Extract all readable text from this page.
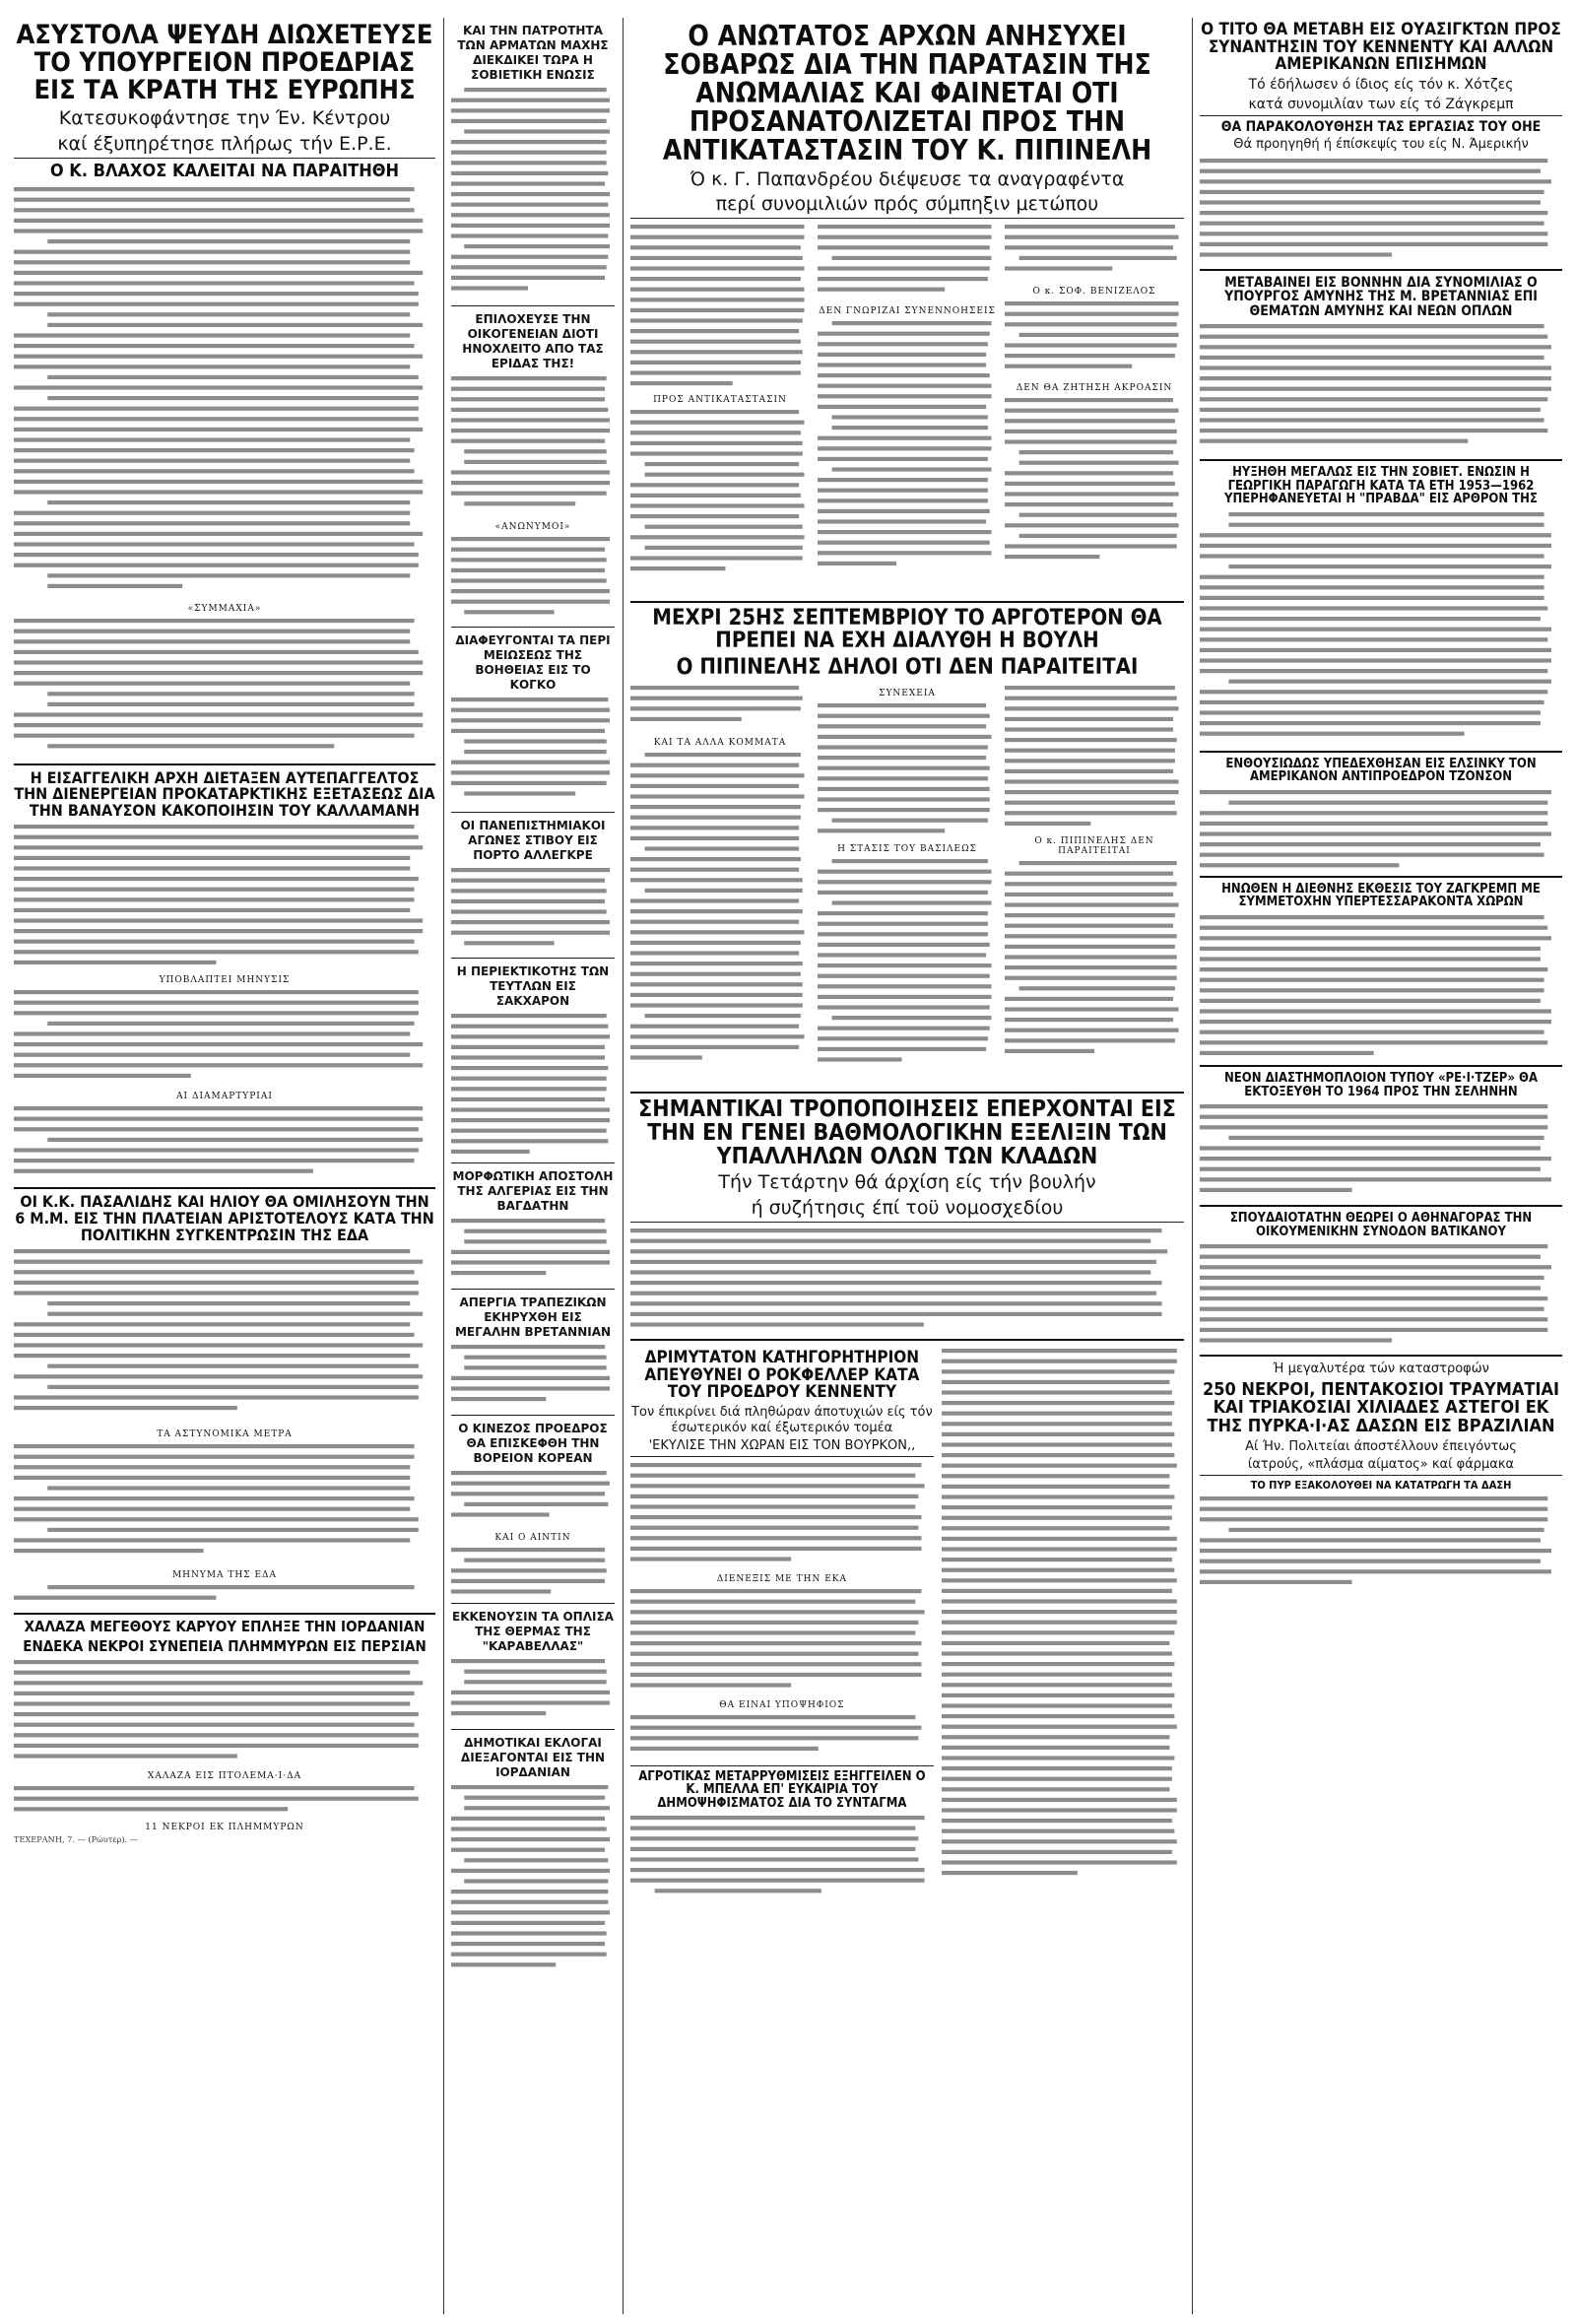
ΑΣΥΣΤΟΛΑ ΨΕΥΔΗ ΔΙΩΧΕΤΕΥΣΕ ΤΟ ΥΠΟΥΡΓΕΙΟΝ ΠΡΟΕΔΡΙΑΣ ΕΙΣ ΤΑ ΚΡΑΤΗ ΤΗΣ ΕΥΡΩΠΗΣ
Κατεσυκοφάντησε την Έν. Κέντρου
καί έξυπηρέτησε πλήρως τήν Ε.Ρ.Ε.
Ο Κ. ΒΛΑΧΟΣ ΚΑΛΕΙΤΑΙ ΝΑ ΠΑΡΑΙΤΗΘΗ
«ΣΥΜΜΑΧΙΑ»
Η ΕΙΣΑΓΓΕΛΙΚΗ ΑΡΧΗ ΔΙΕΤΑΞΕΝ ΑΥΤΕΠΑΓΓΕΛΤΟΣ ΤΗΝ ΔΙΕΝΕΡΓΕΙΑΝ ΠΡΟΚΑΤΑΡΚΤΙΚΗΣ ΕΞΕΤΑΣΕΩΣ ΔΙΑ ΤΗΝ ΒΑΝΑΥΣΟΝ ΚΑΚΟΠΟΙΗΣΙΝ ΤΟΥ ΚΑΛΛΑΜΑΝΗ
ΥΠΟΒΛΑΠΤΕΙ ΜΗΝΥΣΙΣ
ΑΙ ΔΙΑΜΑΡΤΥΡΙΑΙ
ΟΙ Κ.Κ. ΠΑΣΑΛΙΔΗΣ ΚΑΙ ΗΛΙΟΥ ΘΑ ΟΜΙΛΗΣΟΥΝ ΤΗΝ 6 Μ.Μ. ΕΙΣ ΤΗΝ ΠΛΑΤΕΙΑΝ ΑΡΙΣΤΟΤΕΛΟΥΣ ΚΑΤΑ ΤΗΝ ΠΟΛΙΤΙΚΗΝ ΣΥΓΚΕΝΤΡΩΣΙΝ ΤΗΣ ΕΔΑ
ΤΑ ΑΣΤΥΝΟΜΙΚΑ ΜΕΤΡΑ
ΜΗΝΥΜΑ ΤΗΣ ΕΔΑ
ΧΑΛΑΖΑ ΜΕΓΕΘΟΥΣ ΚΑΡΥΟΥ ΕΠΛΗΞΕ ΤΗΝ ΙΟΡΔΑΝΙΑΝ
ΕΝΔΕΚΑ ΝΕΚΡΟΙ ΣΥΝΕΠΕΙΑ ΠΛΗΜΜΥΡΩΝ ΕΙΣ ΠΕΡΣΙΑΝ
ΧΑΛΑΖΑ ΕΙΣ ΠΤΟΛΕΜΑ·Ι·ΔΑ
11 ΝΕΚΡΟΙ ΕΚ ΠΛΗΜΜΥΡΩΝ
ΤΕΧΕΡΑΝΗ, 7. — (Ρώυτερ). —
ΚΑΙ ΤΗΝ ΠΑΤΡΟΤΗΤΑ ΤΩΝ ΑΡΜΑΤΩΝ ΜΑΧΗΣ ΔΙΕΚΔΙΚΕΙ ΤΩΡΑ Η ΣΟΒΙΕΤΙΚΗ ΕΝΩΣΙΣ
ΕΠΙΛΟΧΕΥΣΕ ΤΗΝ ΟΙΚΟΓΕΝΕΙΑΝ ΔΙΟΤΙ ΗΝΟΧΛΕΙΤΟ ΑΠΟ ΤΑΣ ΕΡΙΔΑΣ ΤΗΣ!
«ΑΝΩΝΥΜΟΙ»
ΔΙΑΦΕΥΓΟΝΤΑΙ ΤΑ ΠΕΡΙ ΜΕΙΩΣΕΩΣ ΤΗΣ ΒΟΗΘΕΙΑΣ ΕΙΣ ΤΟ ΚΟΓΚΟ
ΟΙ ΠΑΝΕΠΙΣΤΗΜΙΑΚΟΙ ΑΓΩΝΕΣ ΣΤΙΒΟΥ ΕΙΣ ΠΟΡΤΟ ΑΛΛΕΓΚΡΕ
Η ΠΕΡΙΕΚΤΙΚΟΤΗΣ ΤΩΝ ΤΕΥΤΛΩΝ ΕΙΣ ΣΑΚΧΑΡΟΝ
ΜΟΡΦΩΤΙΚΗ ΑΠΟΣΤΟΛΗ ΤΗΣ ΑΛΓΕΡΙΑΣ ΕΙΣ ΤΗΝ ΒΑΓΔΑΤΗΝ
ΑΠΕΡΓΙΑ ΤΡΑΠΕΖΙΚΩΝ ΕΚΗΡΥΧΘΗ ΕΙΣ ΜΕΓΑΛΗΝ ΒΡΕΤΑΝΝΙΑΝ
Ο ΚΙΝΕΖΟΣ ΠΡΟΕΔΡΟΣ ΘΑ ΕΠΙΣΚΕΦΘΗ ΤΗΝ ΒΟΡΕΙΟΝ ΚΟΡΕΑΝ
ΚΑΙ Ο ΑΙΝΤΙΝ
ΕΚΚΕΝΟΥΣΙΝ ΤΑ ΟΠΛΙΣΑ ΤΗΣ ΘΕΡΜΑΣ ΤΗΣ "ΚΑΡΑΒΕΛΛΑΣ"
ΔΗΜΟΤΙΚΑΙ ΕΚΛΟΓΑΙ ΔΙΕΞΑΓΟΝΤΑΙ ΕΙΣ ΤΗΝ ΙΟΡΔΑΝΙΑΝ
Ο ΑΝΩΤΑΤΟΣ ΑΡΧΩΝ ΑΝΗΣΥΧΕΙ ΣΟΒΑΡΩΣ ΔΙΑ ΤΗΝ ΠΑΡΑΤΑΣΙΝ ΤΗΣ ΑΝΩΜΑΛΙΑΣ ΚΑΙ ΦΑΙΝΕΤΑΙ ΟΤΙ ΠΡΟΣΑΝΑΤΟΛΙΖΕΤΑΙ ΠΡΟΣ ΤΗΝ ΑΝΤΙΚΑΤΑΣΤΑΣΙΝ ΤΟΥ Κ. ΠΙΠΙΝΕΛΗ
Ό κ. Γ. Παπανδρέου διέψευσε τα αναγραφέντα
περί συνομιλιών πρός σύμπηξιν μετώπου
ΠΡΟΣ ΑΝΤΙΚΑΤΑΣΤΑΣΙΝ
ΔΕΝ ΓΝΩΡΙΖΑΙ ΣΥΝΕΝΝΟΗΣΕΙΣ
Ο κ. ΣΟΦ. ΒΕΝΙΖΕΛΟΣ
ΔΕΝ ΘΑ ΖΗΤΗΣΗ ΑΚΡΟΑΣΙΝ
ΜΕΧΡΙ 25ΗΣ ΣΕΠΤΕΜΒΡΙΟΥ ΤΟ ΑΡΓΟΤΕΡΟΝ ΘΑ ΠΡΕΠΕΙ ΝΑ ΕΧΗ ΔΙΑΛΥΘΗ Η ΒΟΥΛΗ
Ο ΠΙΠΙΝΕΛΗΣ ΔΗΛΟΙ ΟΤΙ ΔΕΝ ΠΑΡΑΙΤΕΙΤΑΙ
ΚΑΙ ΤΑ ΑΛΛΑ ΚΟΜΜΑΤΑ
ΣΥΝΕΧΕΙΑ
Η ΣΤΑΣΙΣ ΤΟΥ ΒΑΣΙΛΕΩΣ
Ο κ. ΠΙΠΙΝΕΛΗΣ ΔΕΝ ΠΑΡΑΙΤΕΙΤΑΙ
ΣΗΜΑΝΤΙΚΑΙ ΤΡΟΠΟΠΟΙΗΣΕΙΣ ΕΠΕΡΧΟΝΤΑΙ ΕΙΣ ΤΗΝ ΕΝ ΓΕΝΕΙ ΒΑΘΜΟΛΟΓΙΚΗΝ ΕΞΕΛΙΞΙΝ ΤΩΝ ΥΠΑΛΛΗΛΩΝ ΟΛΩΝ ΤΩΝ ΚΛΑΔΩΝ
Τήν Τετάρτην θά άρχίση είς τήν βουλήν
ή συζήτησις έπί τοϋ νομοσχεδίου
ΔΡΙΜΥΤΑΤΟΝ ΚΑΤΗΓΟΡΗΤΗΡΙΟΝ ΑΠΕΥΘΥΝΕΙ Ο ΡΟΚΦΕΛΛΕΡ ΚΑΤΑ ΤΟΥ ΠΡΟΕΔΡΟΥ ΚΕΝΝΕΝΤΥ
Τον έπικρίνει διά πληθώραν άποτυχιών είς τόν έσωτερικόν καί έξωτερικόν τομέα
'ΕΚΥΛΙΣΕ ΤΗΝ ΧΩΡΑΝ ΕΙΣ ΤΟΝ ΒΟΥΡΚΟΝ,,
ΔΙΕΝΕΞΙΣ ΜΕ ΤΗΝ ΕΚΑ
ΘΑ ΕΙΝΑΙ ΥΠΟΨΗΦΙΟΣ
ΑΓΡΟΤΙΚΑΣ ΜΕΤΑΡΡΥΘΜΙΣΕΙΣ ΕΞΗΓΓΕΙΛΕΝ Ο Κ. ΜΠΕΛΛΑ ΕΠ' ΕΥΚΑΙΡΙΑ ΤΟΥ ΔΗΜΟΨΗΦΙΣΜΑΤΟΣ ΔΙΑ ΤΟ ΣΥΝΤΑΓΜΑ
Ο ΤΙΤΟ ΘΑ ΜΕΤΑΒΗ ΕΙΣ ΟΥΑΣΙΓΚΤΩΝ ΠΡΟΣ ΣΥΝΑΝΤΗΣΙΝ ΤΟΥ ΚΕΝΝΕΝΤΥ ΚΑΙ ΑΛΛΩΝ ΑΜΕΡΙΚΑΝΩΝ ΕΠΙΣΗΜΩΝ
Τό έδήλωσεν ό ίδιος είς τόν κ. Χότζες
κατά συνομιλίαν των είς τό Ζάγκρεμπ
ΘΑ ΠΑΡΑΚΟΛΟΥΘΗΣΗ ΤΑΣ ΕΡΓΑΣΙΑΣ ΤΟΥ ΟΗΕ
Θά προηγηθή ή έπίσκεψίς του είς Ν. Άμερικήν
ΜΕΤΑΒΑΙΝΕΙ ΕΙΣ ΒΟΝΝΗΝ ΔΙΑ ΣΥΝΟΜΙΛΙΑΣ Ο ΥΠΟΥΡΓΟΣ ΑΜΥΝΗΣ ΤΗΣ Μ. ΒΡΕΤΑΝΝΙΑΣ ΕΠΙ ΘΕΜΑΤΩΝ ΑΜΥΝΗΣ ΚΑΙ ΝΕΩΝ ΟΠΛΩΝ
ΗΥΞΗΘΗ ΜΕΓΑΛΩΣ ΕΙΣ ΤΗΝ ΣΟΒΙΕΤ. ΕΝΩΣΙΝ Η ΓΕΩΡΓΙΚΗ ΠΑΡΑΓΩΓΗ ΚΑΤΑ ΤΑ ΕΤΗ 1953—1962 ΥΠΕΡΗΦΑΝΕΥΕΤΑΙ Η "ΠΡΑΒΔΑ" ΕΙΣ ΑΡΘΡΟΝ ΤΗΣ
ΕΝΘΟΥΣΙΩΔΩΣ ΥΠΕΔΕΧΘΗΣΑΝ ΕΙΣ ΕΛΣΙΝΚΥ ΤΟΝ ΑΜΕΡΙΚΑΝΟΝ ΑΝΤΙΠΡΟΕΔΡΟΝ ΤΖΟΝΣΟΝ
ΗΝΩΘΕΝ Η ΔΙΕΘΝΗΣ ΕΚΘΕΣΙΣ ΤΟΥ ΖΑΓΚΡΕΜΠ ΜΕ ΣΥΜΜΕΤΟΧΗΝ ΥΠΕΡΤΕΣΣΑΡΑΚΟΝΤΑ ΧΩΡΩΝ
ΝΕΟΝ ΔΙΑΣΤΗΜΟΠΛΟΙΟΝ ΤΥΠΟΥ «ΡΕ·Ι·ΤΖΕΡ» ΘΑ ΕΚΤΟΞΕΥΘΗ ΤΟ 1964 ΠΡΟΣ ΤΗΝ ΣΕΛΗΝΗΝ
ΣΠΟΥΔΑΙΟΤΑΤΗΝ ΘΕΩΡΕΙ Ο ΑΘΗΝΑΓΟΡΑΣ ΤΗΝ ΟΙΚΟΥΜΕΝΙΚΗΝ ΣΥΝΟΔΟΝ ΒΑΤΙΚΑΝΟΥ
Ή μεγαλυτέρα τών καταστροφών
250 ΝΕΚΡΟΙ, ΠΕΝΤΑΚΟΣΙΟΙ ΤΡΑΥΜΑΤΙΑΙ ΚΑΙ ΤΡΙΑΚΟΣΙΑΙ ΧΙΛΙΑΔΕΣ ΑΣΤΕΓΟΙ ΕΚ ΤΗΣ ΠΥΡΚΑ·Ι·ΑΣ ΔΑΣΩΝ ΕΙΣ ΒΡΑΖΙΛΙΑΝ
Αί Ήν. Πολιτείαι άποστέλλουν έπειγόντως
ίατρούς, «πλάσμα αίματος» καί φάρμακα
ΤΟ ΠΥΡ ΕΞΑΚΟΛΟΥΘΕΙ ΝΑ ΚΑΤΑΤΡΩΓΗ ΤΑ ΔΑΣΗ
